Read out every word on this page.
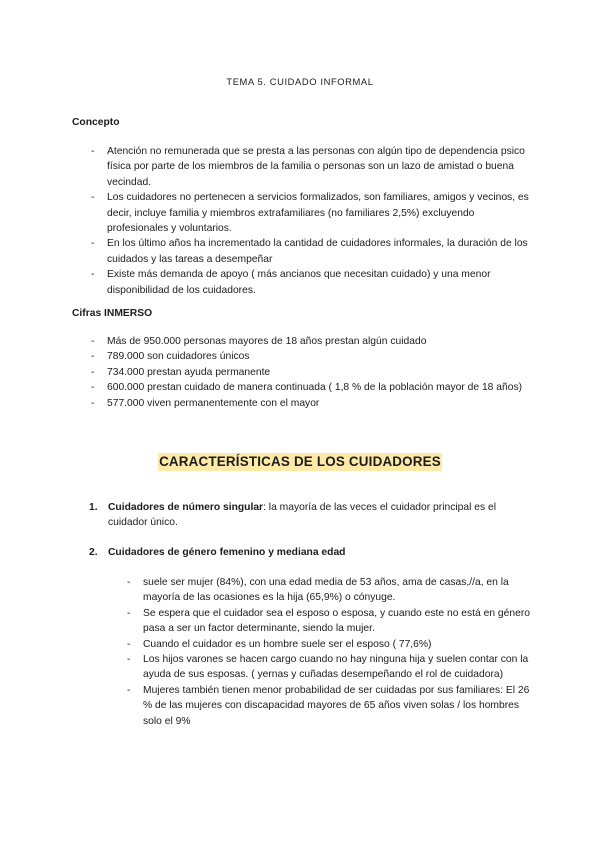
TEMA 5. CUIDADO INFORMAL
Concepto
- Atención no remunerada que se presta a las personas con algún tipo de dependencia psico física por parte de los miembros de la familia o personas son un lazo de amistad o buena vecindad.
- Los cuidadores no pertenecen a servicios formalizados, son familiares, amigos y vecinos, es decir, incluye familia y miembros extrafamiliares (no familiares 2,5%) excluyendo profesionales y voluntarios.
- En los último años ha incrementado la cantidad de cuidadores informales, la duración de los cuidados y las tareas a desempeñar
- Existe más demanda de apoyo ( más ancianos que necesitan cuidado) y una menor disponibilidad de los cuidadores.
Cifras INMERSO
- Más de 950.000 personas mayores de 18 años prestan algún cuidado
- 789.000 son cuidadores únicos
- 734.000 prestan ayuda permanente
- 600.000 prestan cuidado de manera continuada ( 1,8 % de la población mayor de 18 años)
- 577.000 viven permanentemente con el mayor
CARACTERÍSTICAS DE LOS CUIDADORES
1.	Cuidadores de número singular: la mayoría de las veces el cuidador principal es el cuidador único.
2.	Cuidadores de género femenino y mediana edad
- suele ser mujer (84%), con una edad media de 53 años, ama de casas,//a, en la mayoría de las ocasiones es la hija (65,9%) o cónyuge.
- Se espera que el cuidador sea el esposo o esposa, y cuando este no está en género pasa a ser un factor determinante, siendo la mujer.
- Cuando el cuidador es un hombre suele ser el esposo ( 77,6%)
- Los hijos varones se hacen cargo cuando no hay ninguna hija y suelen contar con la ayuda de sus esposas. ( yernas y cuñadas desempeñando el rol de cuidadora)
- Mujeres también tienen menor probabilidad de ser cuidadas por sus familiares: El 26 % de las mujeres con discapacidad mayores de 65 años viven solas / los hombres solo el 9%
